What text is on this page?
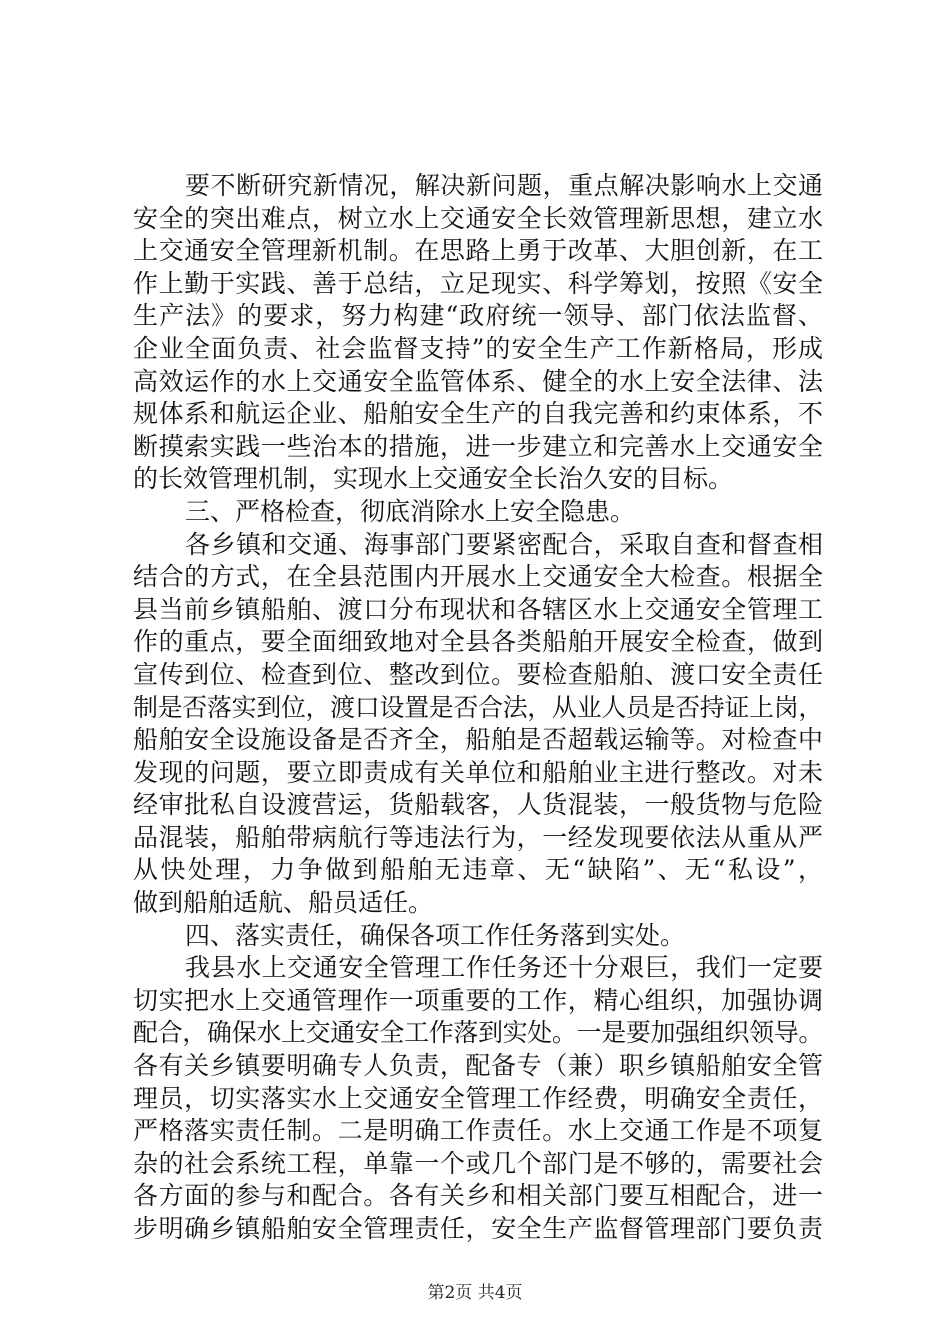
要不断研究新情况，解决新问题，重点解决影响水上交通
安全的突出难点，树立水上交通安全长效管理新思想，建立水
上交通安全管理新机制。在思路上勇于改革、大胆创新，在工
作上勤于实践、善于总结，立足现实、科学筹划，按照《安全
生产法》的要求，努力构建“政府统一领导、部门依法监督、
企业全面负责、社会监督支持”的安全生产工作新格局，形成
高效运作的水上交通安全监管体系、健全的水上安全法律、法
规体系和航运企业、船舶安全生产的自我完善和约束体系，不
断摸索实践一些治本的措施，进一步建立和完善水上交通安全
的长效管理机制，实现水上交通安全长治久安的目标。
三、严格检查，彻底消除水上安全隐患。
各乡镇和交通、海事部门要紧密配合，采取自查和督查相
结合的方式，在全县范围内开展水上交通安全大检查。根据全
县当前乡镇船舶、渡口分布现状和各辖区水上交通安全管理工
作的重点，要全面细致地对全县各类船舶开展安全检查，做到
宣传到位、检查到位、整改到位。要检查船舶、渡口安全责任
制是否落实到位，渡口设置是否合法，从业人员是否持证上岗，
船舶安全设施设备是否齐全，船舶是否超载运输等。对检查中
发现的问题，要立即责成有关单位和船舶业主进行整改。对未
经审批私自设渡营运，货船载客，人货混装，一般货物与危险
品混装，船舶带病航行等违法行为，一经发现要依法从重从严
从快处理，力争做到船舶无违章、无“缺陷”、无“私设”，
做到船舶适航、船员适任。
四、落实责任，确保各项工作任务落到实处。
我县水上交通安全管理工作任务还十分艰巨，我们一定要
切实把水上交通管理作一项重要的工作，精心组织，加强协调
配合，确保水上交通安全工作落到实处。一是要加强组织领导。
各有关乡镇要明确专人负责，配备专（兼）职乡镇船舶安全管
理员，切实落实水上交通安全管理工作经费，明确安全责任，
严格落实责任制。二是明确工作责任。水上交通工作是不项复
杂的社会系统工程，单靠一个或几个部门是不够的，需要社会
各方面的参与和配合。各有关乡和相关部门要互相配合，进一
步明确乡镇船舶安全管理责任，安全生产监督管理部门要负责
第2页 共4页
